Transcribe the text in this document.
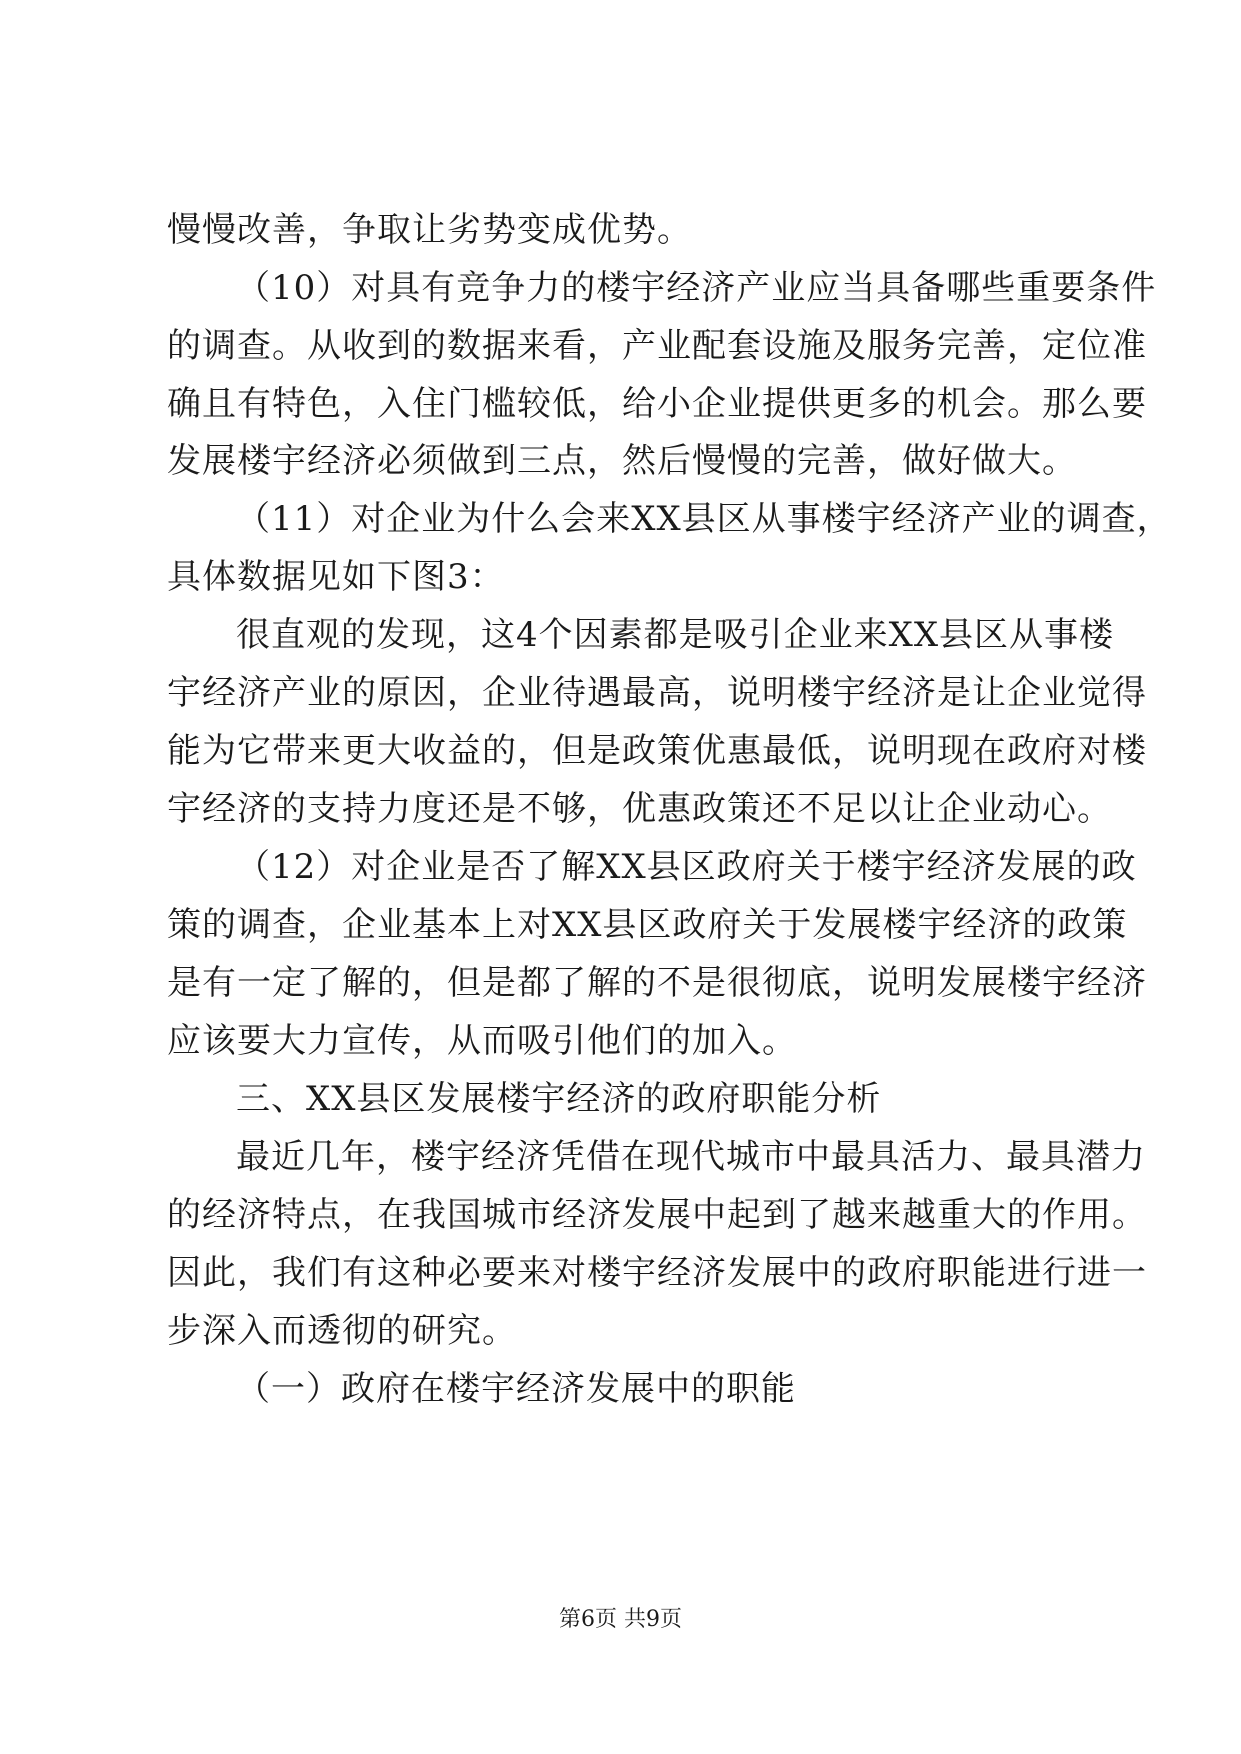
慢慢改善，争取让劣势变成优势。
（10）对具有竞争力的楼宇经济产业应当具备哪些重要条件
的调查。从收到的数据来看，产业配套设施及服务完善，定位准
确且有特色，入住门槛较低，给小企业提供更多的机会。那么要
发展楼宇经济必须做到三点，然后慢慢的完善，做好做大。
（11）对企业为什么会来XX县区从事楼宇经济产业的调查，
具体数据见如下图3：
很直观的发现，这4个因素都是吸引企业来XX县区从事楼
宇经济产业的原因，企业待遇最高，说明楼宇经济是让企业觉得
能为它带来更大收益的，但是政策优惠最低，说明现在政府对楼
宇经济的支持力度还是不够，优惠政策还不足以让企业动心。
（12）对企业是否了解XX县区政府关于楼宇经济发展的政
策的调查，企业基本上对XX县区政府关于发展楼宇经济的政策
是有一定了解的，但是都了解的不是很彻底，说明发展楼宇经济
应该要大力宣传，从而吸引他们的加入。
三、XX县区发展楼宇经济的政府职能分析
最近几年，楼宇经济凭借在现代城市中最具活力、最具潜力
的经济特点，在我国城市经济发展中起到了越来越重大的作用。
因此，我们有这种必要来对楼宇经济发展中的政府职能进行进一
步深入而透彻的研究。
（一）政府在楼宇经济发展中的职能
第6页 共9页
